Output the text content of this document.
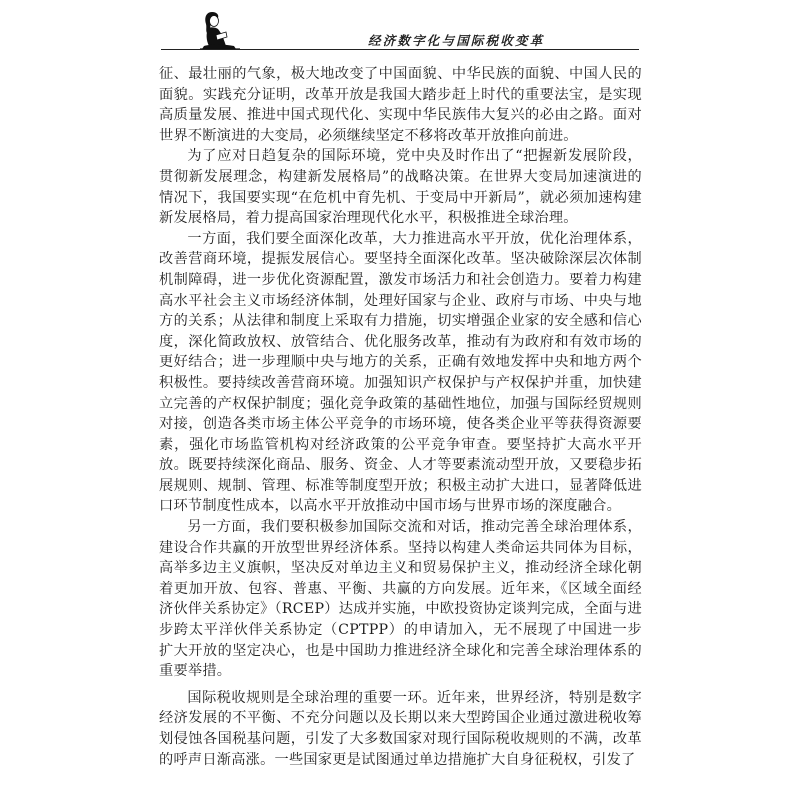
经济数字化与国际税收变革

征、最壮丽的气象，极大地改变了中国面貌、中华民族的面貌、中国人民的面貌。实践充分证明，改革开放是我国大踏步赶上时代的重要法宝，是实现高质量发展、推进中国式现代化、实现中华民族伟大复兴的必由之路。面对世界不断演进的大变局，必须继续坚定不移将改革开放推向前进。

为了应对日趋复杂的国际环境，党中央及时作出了“把握新发展阶段，贯彻新发展理念，构建新发展格局”的战略决策。在世界大变局加速演进的情况下，我国要实现“在危机中育先机、于变局中开新局”，就必须加速构建新发展格局，着力提高国家治理现代化水平，积极推进全球治理。

一方面，我们要全面深化改革，大力推进高水平开放，优化治理体系，改善营商环境，提振发展信心。要坚持全面深化改革。坚决破除深层次体制机制障碍，进一步优化资源配置，激发市场活力和社会创造力。要着力构建高水平社会主义市场经济体制，处理好国家与企业、政府与市场、中央与地方的关系；从法律和制度上采取有力措施，切实增强企业家的安全感和信心度，深化简政放权、放管结合、优化服务改革，推动有为政府和有效市场的更好结合；进一步理顺中央与地方的关系，正确有效地发挥中央和地方两个积极性。要持续改善营商环境。加强知识产权保护与产权保护并重，加快建立完善的产权保护制度；强化竞争政策的基础性地位，加强与国际经贸规则对接，创造各类市场主体公平竞争的市场环境，使各类企业平等获得资源要素，强化市场监管机构对经济政策的公平竞争审查。要坚持扩大高水平开放。既要持续深化商品、服务、资金、人才等要素流动型开放，又要稳步拓展规则、规制、管理、标准等制度型开放；积极主动扩大进口，显著降低进口环节制度性成本，以高水平开放推动中国市场与世界市场的深度融合。

另一方面，我们要积极参加国际交流和对话，推动完善全球治理体系，建设合作共赢的开放型世界经济体系。坚持以构建人类命运共同体为目标，高举多边主义旗帜，坚决反对单边主义和贸易保护主义，推动经济全球化朝着更加开放、包容、普惠、平衡、共赢的方向发展。近年来，《区域全面经济伙伴关系协定》（RCEP）达成并实施，中欧投资协定谈判完成，全面与进步跨太平洋伙伴关系协定（CPTPP）的申请加入，无不展现了中国进一步扩大开放的坚定决心，也是中国助力推进经济全球化和完善全球治理体系的重要举措。

国际税收规则是全球治理的重要一环。近年来，世界经济，特别是数字经济发展的不平衡、不充分问题以及长期以来大型跨国企业通过激进税收筹划侵蚀各国税基问题，引发了大多数国家对现行国际税收规则的不满，改革的呼声日渐高涨。一些国家更是试图通过单边措施扩大自身征税权，引发了
